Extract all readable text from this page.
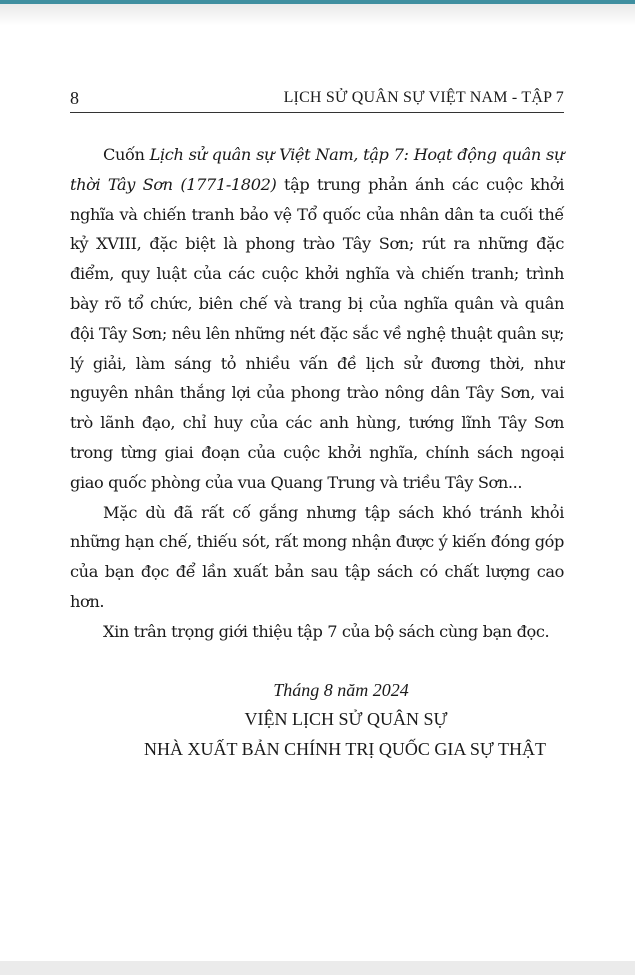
8	LỊCH SỬ QUÂN SỰ VIỆT NAM - TẬP 7

Cuốn Lịch sử quân sự Việt Nam, tập 7: Hoạt động quân sự thời Tây Sơn (1771-1802) tập trung phản ánh các cuộc khởi nghĩa và chiến tranh bảo vệ Tổ quốc của nhân dân ta cuối thế kỷ XVIII, đặc biệt là phong trào Tây Sơn; rút ra những đặc điểm, quy luật của các cuộc khởi nghĩa và chiến tranh; trình bày rõ tổ chức, biên chế và trang bị của nghĩa quân và quân đội Tây Sơn; nêu lên những nét đặc sắc về nghệ thuật quân sự; lý giải, làm sáng tỏ nhiều vấn đề lịch sử đương thời, như nguyên nhân thắng lợi của phong trào nông dân Tây Sơn, vai trò lãnh đạo, chỉ huy của các anh hùng, tướng lĩnh Tây Sơn trong từng giai đoạn của cuộc khởi nghĩa, chính sách ngoại giao quốc phòng của vua Quang Trung và triều Tây Sơn...

Mặc dù đã rất cố gắng nhưng tập sách khó tránh khỏi những hạn chế, thiếu sót, rất mong nhận được ý kiến đóng góp của bạn đọc để lần xuất bản sau tập sách có chất lượng cao hơn.

Xin trân trọng giới thiệu tập 7 của bộ sách cùng bạn đọc.

Tháng 8 năm 2024
VIỆN LỊCH SỬ QUÂN SỰ
NHÀ XUẤT BẢN CHÍNH TRỊ QUỐC GIA SỰ THẬT
